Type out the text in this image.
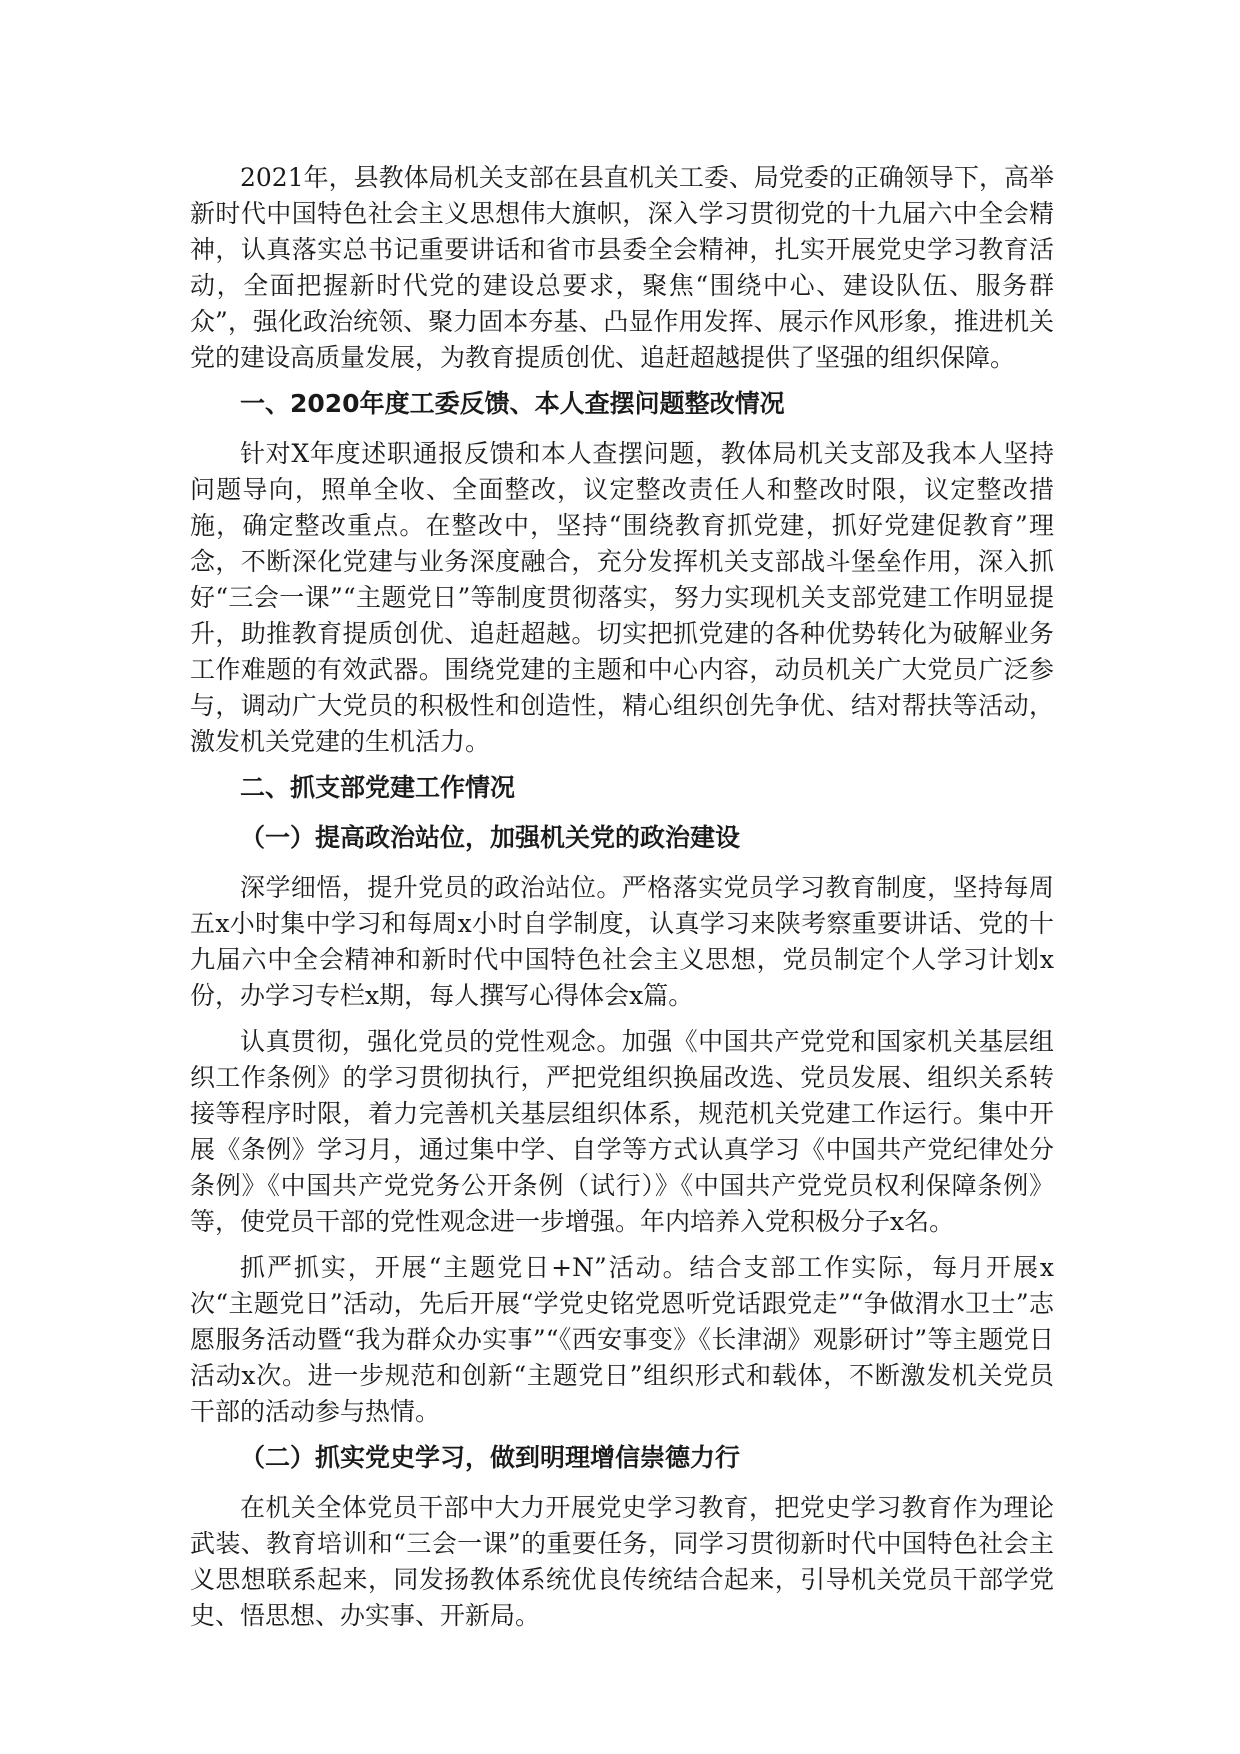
2021年，县教体局机关支部在县直机关工委、局党委的正确领导下，高举新时代中国特色社会主义思想伟大旗帜，深入学习贯彻党的十九届六中全会精神，认真落实总书记重要讲话和省市县委全会精神，扎实开展党史学习教育活动，全面把握新时代党的建设总要求，聚焦“围绕中心、建设队伍、服务群众”，强化政治统领、聚力固本夯基、凸显作用发挥、展示作风形象，推进机关党的建设高质量发展，为教育提质创优、追赶超越提供了坚强的组织保障。

一、2020年度工委反馈、本人查摆问题整改情况

针对X年度述职通报反馈和本人查摆问题，教体局机关支部及我本人坚持问题导向，照单全收、全面整改，议定整改责任人和整改时限，议定整改措施，确定整改重点。在整改中，坚持“围绕教育抓党建，抓好党建促教育”理念，不断深化党建与业务深度融合，充分发挥机关支部战斗堡垒作用，深入抓好“三会一课”“主题党日”等制度贯彻落实，努力实现机关支部党建工作明显提升，助推教育提质创优、追赶超越。切实把抓党建的各种优势转化为破解业务工作难题的有效武器。围绕党建的主题和中心内容，动员机关广大党员广泛参与，调动广大党员的积极性和创造性，精心组织创先争优、结对帮扶等活动，激发机关党建的生机活力。

二、抓支部党建工作情况
（一）提高政治站位，加强机关党的政治建设

深学细悟，提升党员的政治站位。严格落实党员学习教育制度，坚持每周五x小时集中学习和每周x小时自学制度，认真学习来陕考察重要讲话、党的十九届六中全会精神和新时代中国特色社会主义思想，党员制定个人学习计划x份，办学习专栏x期，每人撰写心得体会x篇。

认真贯彻，强化党员的党性观念。加强《中国共产党党和国家机关基层组织工作条例》的学习贯彻执行，严把党组织换届改选、党员发展、组织关系转接等程序时限，着力完善机关基层组织体系，规范机关党建工作运行。集中开展《条例》学习月，通过集中学、自学等方式认真学习《中国共产党纪律处分条例》《中国共产党党务公开条例（试行）》《中国共产党党员权利保障条例》等，使党员干部的党性观念进一步增强。年内培养入党积极分子x名。

抓严抓实，开展“主题党日+N”活动。结合支部工作实际，每月开展x次“主题党日”活动，先后开展“学党史铭党恩听党话跟党走”“争做渭水卫士”志愿服务活动暨“我为群众办实事”“《西安事变》《长津湖》观影研讨”等主题党日活动x次。进一步规范和创新“主题党日”组织形式和载体，不断激发机关党员干部的活动参与热情。

（二）抓实党史学习，做到明理增信崇德力行

在机关全体党员干部中大力开展党史学习教育，把党史学习教育作为理论武装、教育培训和“三会一课”的重要任务，同学习贯彻新时代中国特色社会主义思想联系起来，同发扬教体系统优良传统结合起来，引导机关党员干部学党史、悟思想、办实事、开新局。
